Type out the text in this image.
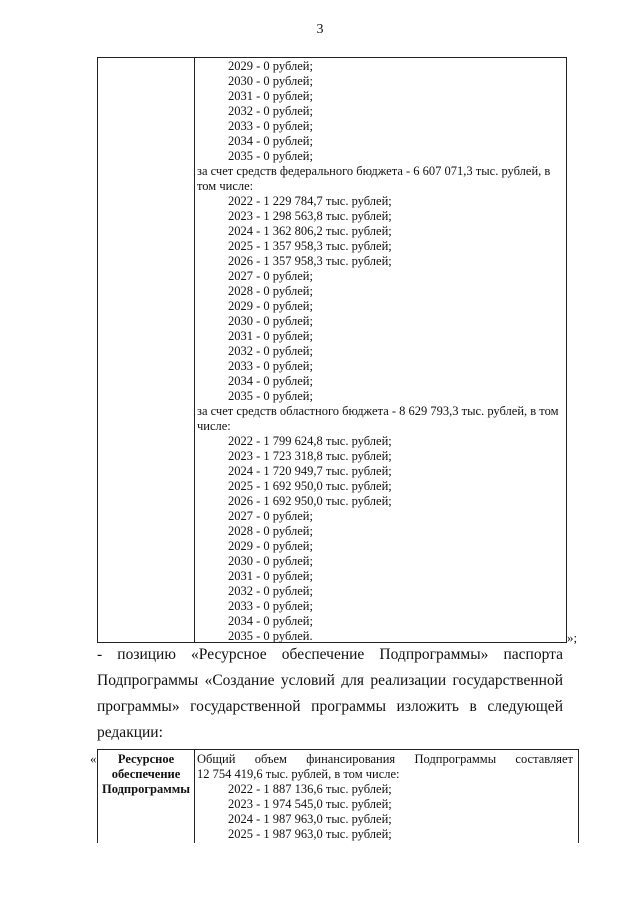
3
2029 - 0 рублей;
2030 - 0 рублей;
2031 - 0 рублей;
2032 - 0 рублей;
2033 - 0 рублей;
2034 - 0 рублей;
2035 - 0 рублей;
за счет средств федерального бюджета - 6 607 071,3 тыс. рублей, в том числе:
2022 - 1 229 784,7 тыс. рублей;
2023 - 1 298 563,8 тыс. рублей;
2024 - 1 362 806,2 тыс. рублей;
2025 - 1 357 958,3 тыс. рублей;
2026 - 1 357 958,3 тыс. рублей;
2027 - 0 рублей;
2028 - 0 рублей;
2029 - 0 рублей;
2030 - 0 рублей;
2031 - 0 рублей;
2032 - 0 рублей;
2033 - 0 рублей;
2034 - 0 рублей;
2035 - 0 рублей;
за счет средств областного бюджета - 8 629 793,3 тыс. рублей, в том числе:
2022 - 1 799 624,8 тыс. рублей;
2023 - 1 723 318,8 тыс. рублей;
2024 - 1 720 949,7 тыс. рублей;
2025 - 1 692 950,0 тыс. рублей;
2026 - 1 692 950,0 тыс. рублей;
2027 - 0 рублей;
2028 - 0 рублей;
2029 - 0 рублей;
2030 - 0 рублей;
2031 - 0 рублей;
2032 - 0 рублей;
2033 - 0 рублей;
2034 - 0 рублей;
2035 - 0 рублей.	»;
- позицию «Ресурсное обеспечение Подпрограммы» паспорта
Подпрограммы «Создание условий для реализации государственной
программы» государственной программы изложить в следующей
редакции:
«	Ресурсное обеспечение Подпрограммы
Общий объем финансирования Подпрограммы составляет
12 754 419,6 тыс. рублей, в том числе:
2022 - 1 887 136,6 тыс. рублей;
2023 - 1 974 545,0 тыс. рублей;
2024 - 1 987 963,0 тыс. рублей;
2025 - 1 987 963,0 тыс. рублей;
